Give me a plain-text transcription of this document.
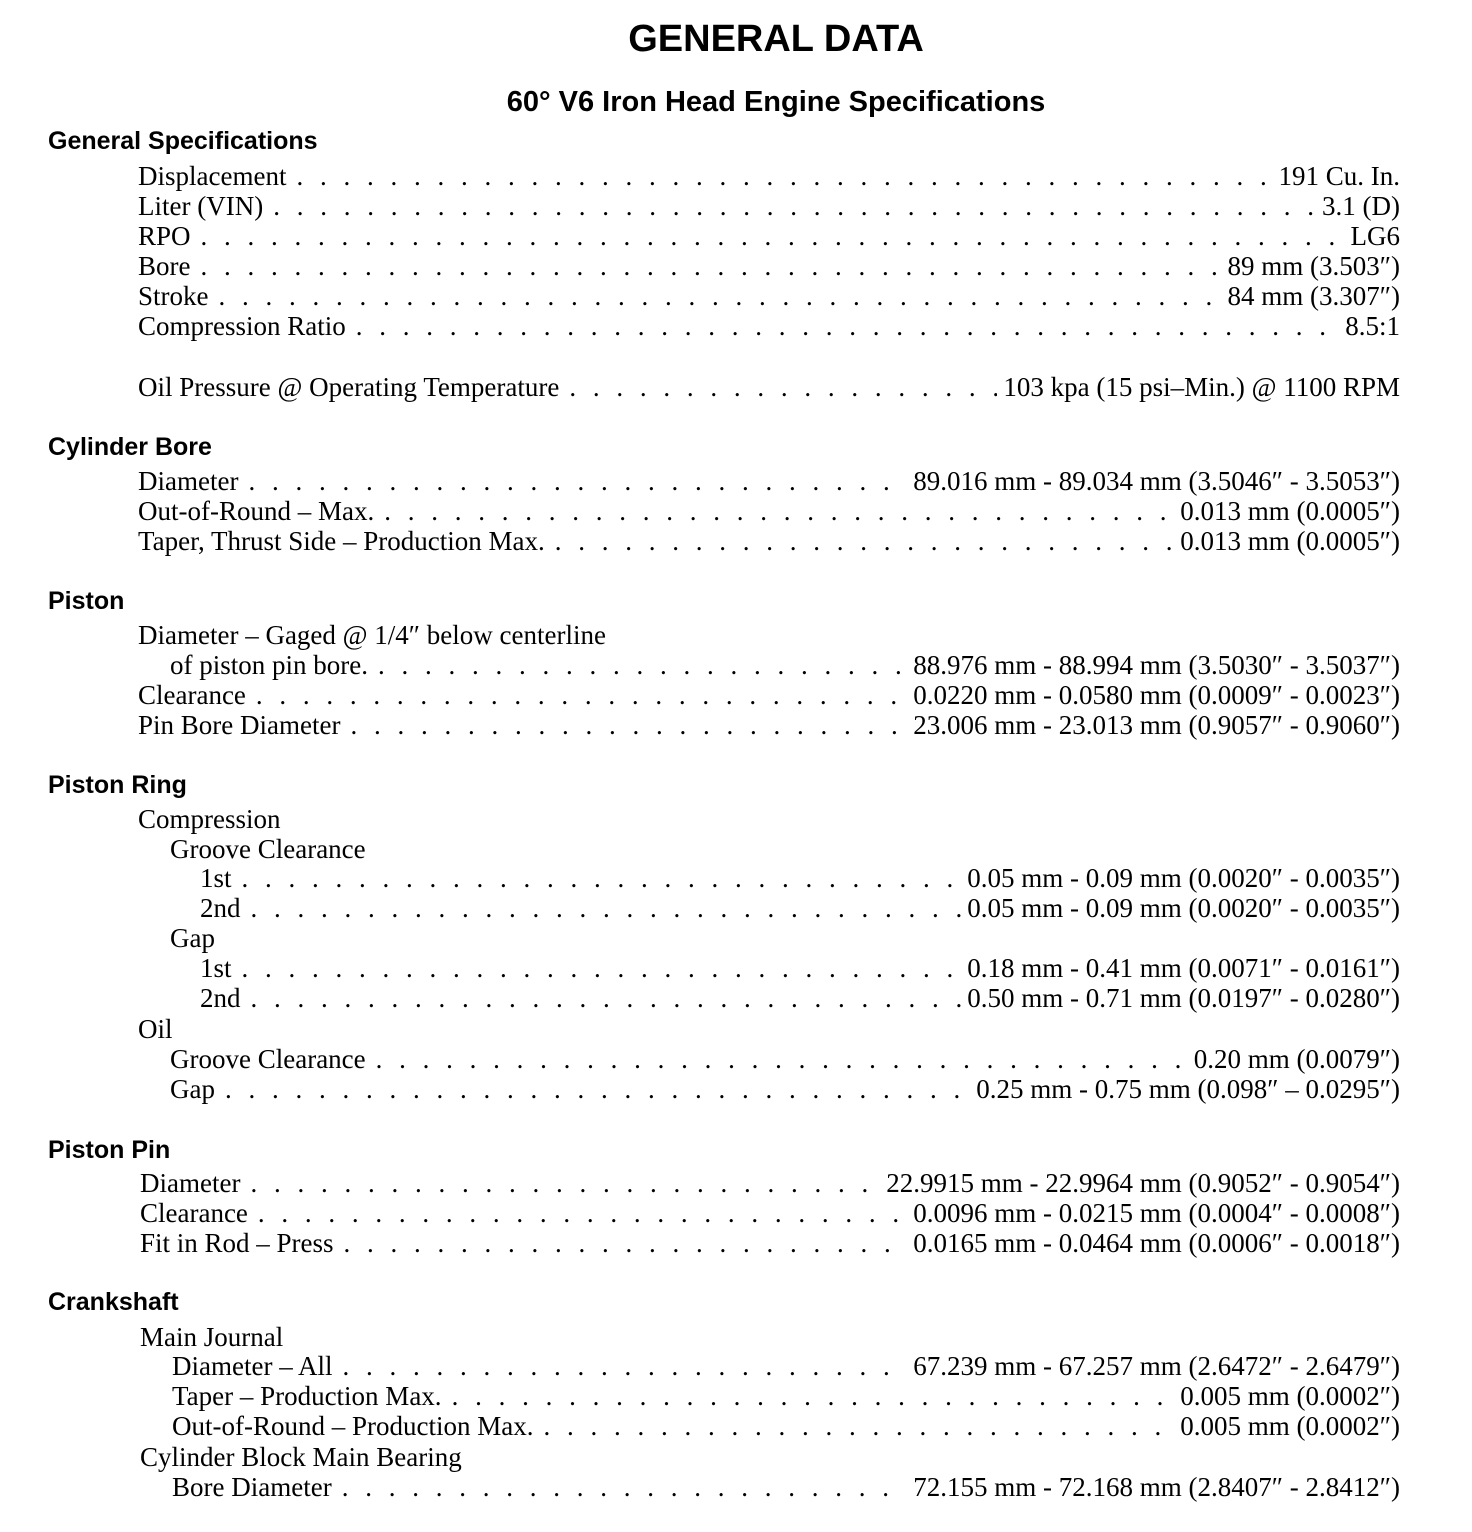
GENERAL DATA
60° V6 Iron Head Engine Specifications
General Specifications
Displacement . . .	191 Cu. In.
Liter (VIN) . . .	3.1 (D)
RPO . . .	LG6
Bore . . .	89 mm (3.503″)
Stroke . . .	84 mm (3.307″)
Compression Ratio . . .	8.5:1
Oil Pressure @ Operating Temperature . . .	103 kpa (15 psi–Min.) @ 1100 RPM
Cylinder Bore
Diameter . . .	89.016 mm - 89.034 mm (3.5046″ - 3.5053″)
Out-of-Round – Max. . . .	0.013 mm (0.0005″)
Taper, Thrust Side – Production Max. . . .	0.013 mm (0.0005″)
Piston
Diameter – Gaged @ 1/4″ below centerline
of piston pin bore. . . .	88.976 mm - 88.994 mm (3.5030″ - 3.5037″)
Clearance . . .	0.0220 mm - 0.0580 mm (0.0009″ - 0.0023″)
Pin Bore Diameter . . .	23.006 mm - 23.013 mm (0.9057″ - 0.9060″)
Piston Ring
Compression
Groove Clearance
1st . . .	0.05 mm - 0.09 mm (0.0020″ - 0.0035″)
2nd . . .	0.05 mm - 0.09 mm (0.0020″ - 0.0035″)
Gap
1st . . .	0.18 mm - 0.41 mm (0.0071″ - 0.0161″)
2nd . . .	0.50 mm - 0.71 mm (0.0197″ - 0.0280″)
Oil
Groove Clearance . . .	0.20 mm (0.0079″)
Gap . . .	0.25 mm - 0.75 mm (0.098″ – 0.0295″)
Piston Pin
Diameter . . .	22.9915 mm - 22.9964 mm (0.9052″ - 0.9054″)
Clearance . . .	0.0096 mm - 0.0215 mm (0.0004″ - 0.0008″)
Fit in Rod – Press . . .	0.0165 mm - 0.0464 mm (0.0006″ - 0.0018″)
Crankshaft
Main Journal
Diameter – All . . .	67.239 mm - 67.257 mm (2.6472″ - 2.6479″)
Taper – Production Max. . . .	0.005 mm (0.0002″)
Out-of-Round – Production Max. . . .	0.005 mm (0.0002″)
Cylinder Block Main Bearing
Bore Diameter . . .	72.155 mm - 72.168 mm (2.8407″ - 2.8412″)
